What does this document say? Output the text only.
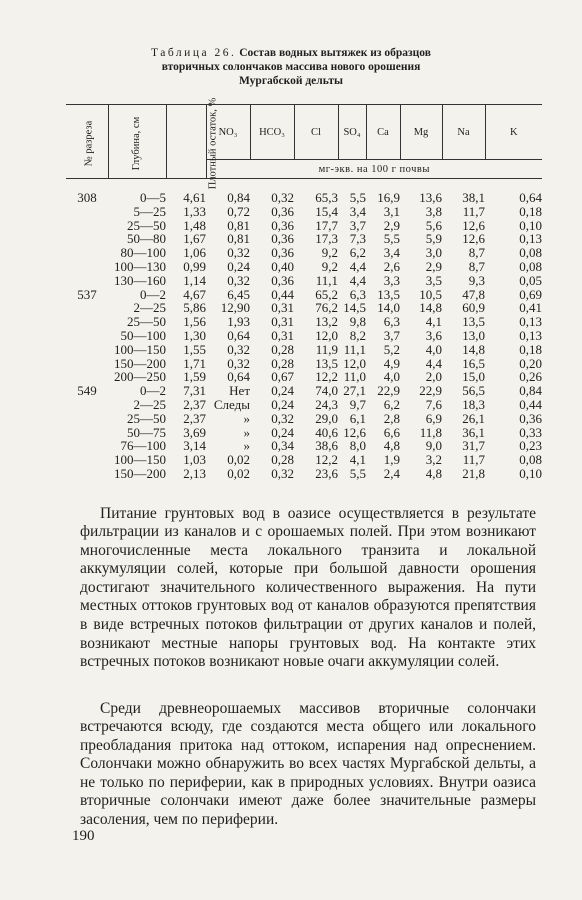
Таблица 26. Состав водных вытяжек из образцов
вторичных солончаков массива нового орошения
Мургабской дельты
№ разреза	Глубина, см	Плотный остаток, %	NO₃	HCO₃	Cl	SO₄	Ca	Mg	Na	K
			мг-экв. на 100 г почвы							
308	0—5	4,61	0,84	0,32	65,3	5,5	16,9	13,6	38,1	0,64
	5—25	1,33	0,72	0,36	15,4	3,4	3,1	3,8	11,7	0,18
	25—50	1,48	0,81	0,36	17,7	3,7	2,9	5,6	12,6	0,10
	50—80	1,67	0,81	0,36	17,3	7,3	5,5	5,9	12,6	0,13
	80—100	1,06	0,32	0,36	9,2	6,2	3,4	3,0	8,7	0,08
	100—130	0,99	0,24	0,40	9,2	4,4	2,6	2,9	8,7	0,08
	130—160	1,14	0,32	0,36	11,1	4,4	3,3	3,5	9,3	0,05
537	0—2	4,67	6,45	0,44	65,2	6,3	13,5	10,5	47,8	0,69
	2—25	5,86	12,90	0,31	76,2	14,5	14,0	14,8	60,9	0,41
	25—50	1,56	1,93	0,31	13,2	9,8	6,3	4,1	13,5	0,13
	50—100	1,30	0,64	0,31	12,0	8,2	3,7	3,6	13,0	0,13
	100—150	1,55	0,32	0,28	11,9	11,1	5,2	4,0	14,8	0,18
	150—200	1,71	0,32	0,28	13,5	12,0	4,9	4,4	16,5	0,20
	200—250	1,59	0,64	0,67	12,2	11,0	4,0	2,0	15,0	0,26
549	0—2	7,31	Нет	0,24	74,0	27,1	22,9	22,9	56,5	0,84
	2—25	2,37	Следы	0,24	24,3	9,7	6,2	7,6	18,3	0,44
	25—50	2,37	»	0,32	29,0	6,1	2,8	6,9	26,1	0,36
	50—75	3,69	»	0,24	40,6	12,6	6,6	11,8	36,1	0,33
	76—100	3,14	»	0,34	38,6	8,0	4,8	9,0	31,7	0,23
	100—150	1,03	0,02	0,28	12,2	4,1	1,9	3,2	11,7	0,08
	150—200	2,13	0,02	0,32	23,6	5,5	2,4	4,8	21,8	0,10

Питание грунтовых вод в оазисе осуществляется в результате фильтрации из каналов и с орошаемых полей. При этом возникают многочисленные места локального транзита и локальной аккумуляции солей, которые при большой давности орошения достигают значительного количественного выражения. На пути местных оттоков грунтовых вод от каналов образуются препятствия в виде встречных потоков фильтрации от других каналов и полей, возникают местные напоры грунтовых вод. На контакте этих встречных потоков возникают новые очаги аккумуляции солей.

Среди древнеорошаемых массивов вторичные солончаки встречаются всюду, где создаются места общего или локального преобладания притока над оттоком, испарения над опреснением. Солончаки можно обнаружить во всех частях Мургабской дельты, а не только по периферии, как в природных условиях. Внутри оазиса вторичные солончаки имеют даже более значительные размеры засоления, чем по периферии.

190
